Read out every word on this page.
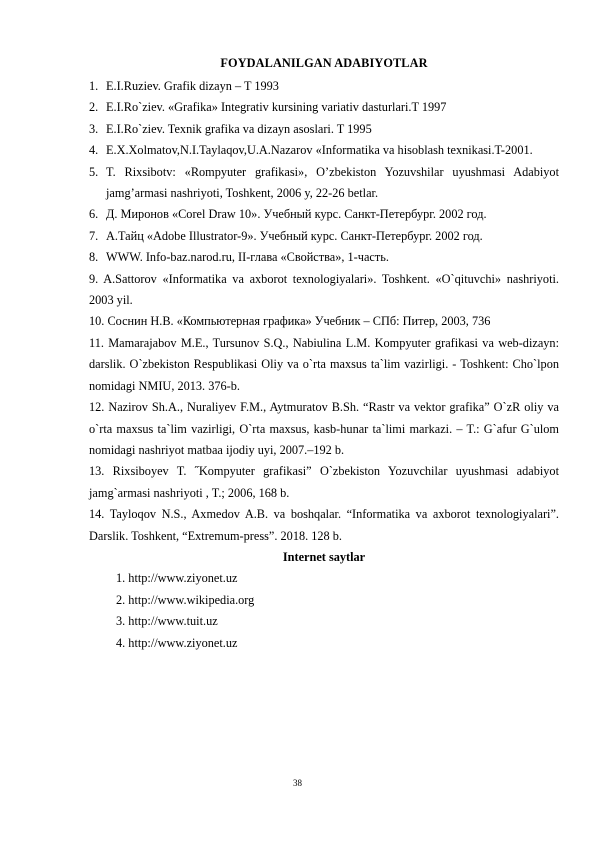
FOYDALANILGAN ADABIYOTLAR
1. E.I.Ruziev. Grafik dizayn – T 1993
2. E.I.Ro`ziev. «Grafika» Integrativ kursining variativ dasturlari.T 1997
3. E.I.Ro`ziev. Texnik grafika va dizayn asoslari. T 1995
4. E.X.Xolmatov,N.I.Taylaqov,U.A.Nazarov «Informatika va hisoblash texnikasi.T-2001.
5. T. Rixsibotv: «Rompyuter grafikasi», O’zbekiston Yozuvshilar uyushmasi Adabiyot jamg’armasi nashriyoti, Toshkent, 2006 y, 22-26 betlar.
6. Д. Миронов «Corel Draw 10». Учебный курс. Санкт-Петербург. 2002 год.
7. А.Тайц «Adobe Illustrator-9». Учебный курс. Санкт-Петербург. 2002 год.
8. WWW. Info-baz.narod.ru, II-глава «Свойства», 1-часть.
9. A.Sattorov «Informatika va axborot texnologiyalari». Toshkent. «O`qituvchi» nashriyoti. 2003 yil.
10. Соснин Н.В. «Компьютерная графика» Учебник – СПб: Питер, 2003, 736
11. Mamarajabov M.E., Tursunov S.Q., Nabiulina L.M. Kompyuter grafikasi va web-dizayn: darslik. O`zbekiston Respublikasi Oliy va o`rta maxsus ta`lim vazirligi. - Toshkent: Cho`lpon nomidagi NMIU, 2013. 376-b.
12. Nazirov Sh.A., Nuraliyev F.M., Aytmuratov B.Sh. “Rastr va vektor grafika” O`zR oliy va o`rta maxsus ta`lim vazirligi, O`rta maxsus, kasb-hunar ta`limi markazi. – T.: G`afur G`ulom nomidagi nashriyot matbaa ijodiy uyi, 2007.–192 b.
13. Rixsiboyev T. ˝Kompyuter grafikasi” O`zbekiston Yozuvchilar uyushmasi adabiyot jamg`armasi nashriyoti , T.; 2006, 168 b.
14. Tayloqov N.S., Axmedov A.B. va boshqalar. “Informatika va axborot texnologiyalari”. Darslik. Toshkent, “Extremum-press”. 2018. 128 b.
Internet saytlar
1. http://www.ziyonet.uz
2. http://www.wikipedia.org
3. http://www.tuit.uz
4. http://www.ziyonet.uz
38
